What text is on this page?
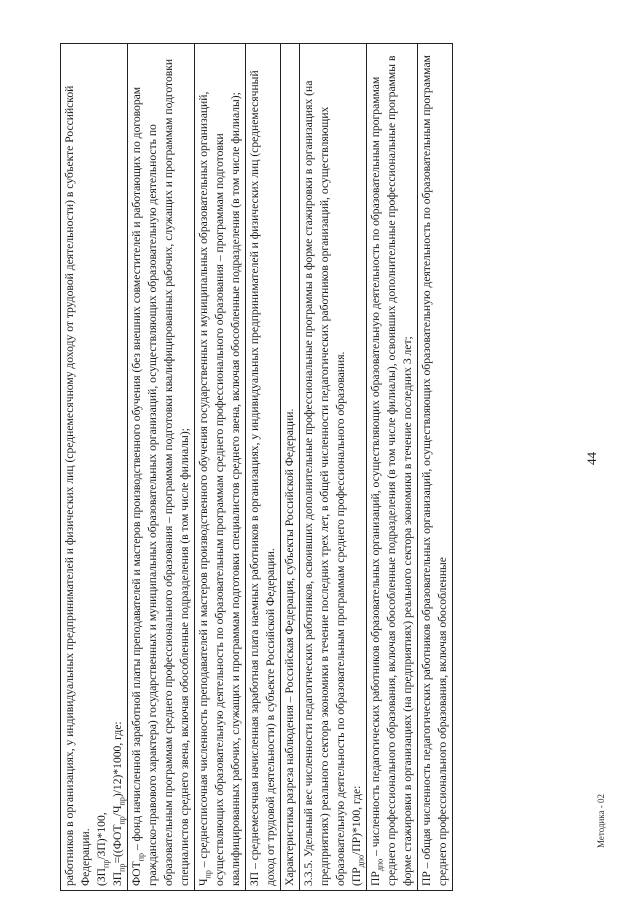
44
работников в организациях, у индивидуальных предпринимателей и физических лиц (среднемесячному доходу от трудовой деятельности) в субъекте Российской Федерации. $(ЗП_{пр}/ЗП)*100$,
$ЗП_{пр}=((ФОТ_{пр}/Ч_{пр})/12)*1000$, где:

$ФОТ_{пр}$ – фонд начисленной заработной платы преподавателей и мастеров производственного обучения (без внешних совместителей и работающих по договорам гражданско-правового характера) государственных и муниципальных образовательных организаций, осуществляющих образовательную деятельность по образовательным программам среднего профессионального образования – программам подготовки квалифицированных рабочих, служащих и программам подготовки специалистов среднего звена, включая обособленные подразделения (в том числе филиалы);
$Ч_{пр}$ – среднесписочная численность преподавателей и мастеров производственного обучения государственных и муниципальных образовательных организаций, осуществляющих образовательную деятельность по образовательным программам среднего профессионального образования – программам подготовки квалифицированных рабочих, служащих и программам подготовки специалистов среднего звена, включая обособленные подразделения (в том числе филиалы);
ЗП – среднемесячная начисленная заработная плата наемных работников в организациях, у индивидуальных предпринимателей и физических лиц (среднемесячный доход от трудовой деятельности) в субъекте Российской Федерации.
Характеристика разреза наблюдения – Российская Федерация, субъекты Российской Федерации.

3.3.5. Удельный вес численности педагогических работников, освоивших дополнительные профессиональные программы в форме стажировки в организациях (на предприятиях) реального сектора экономики в течение последних трех лет, в общей численности педагогических работников организаций, осуществляющих образовательную деятельность по образовательным программам среднего профессионального образования. $(ПР_{дпо}/ПР)*100$, где:

$ПР_{дпо}$ – численность педагогических работников образовательных организаций, осуществляющих образовательную деятельность по образовательным программам среднего профессионального образования, включая обособленные подразделения (в том числе филиалы), освоивших дополнительные профессиональные программы в форме стажировки в организациях (на предприятиях) реального сектора экономики в течение последних 3 лет;
ПР – общая численность педагогических работников образовательных организаций, осуществляющих образовательную деятельность по образовательным программам среднего профессионального образования, включая обособленные	Методика - 02
